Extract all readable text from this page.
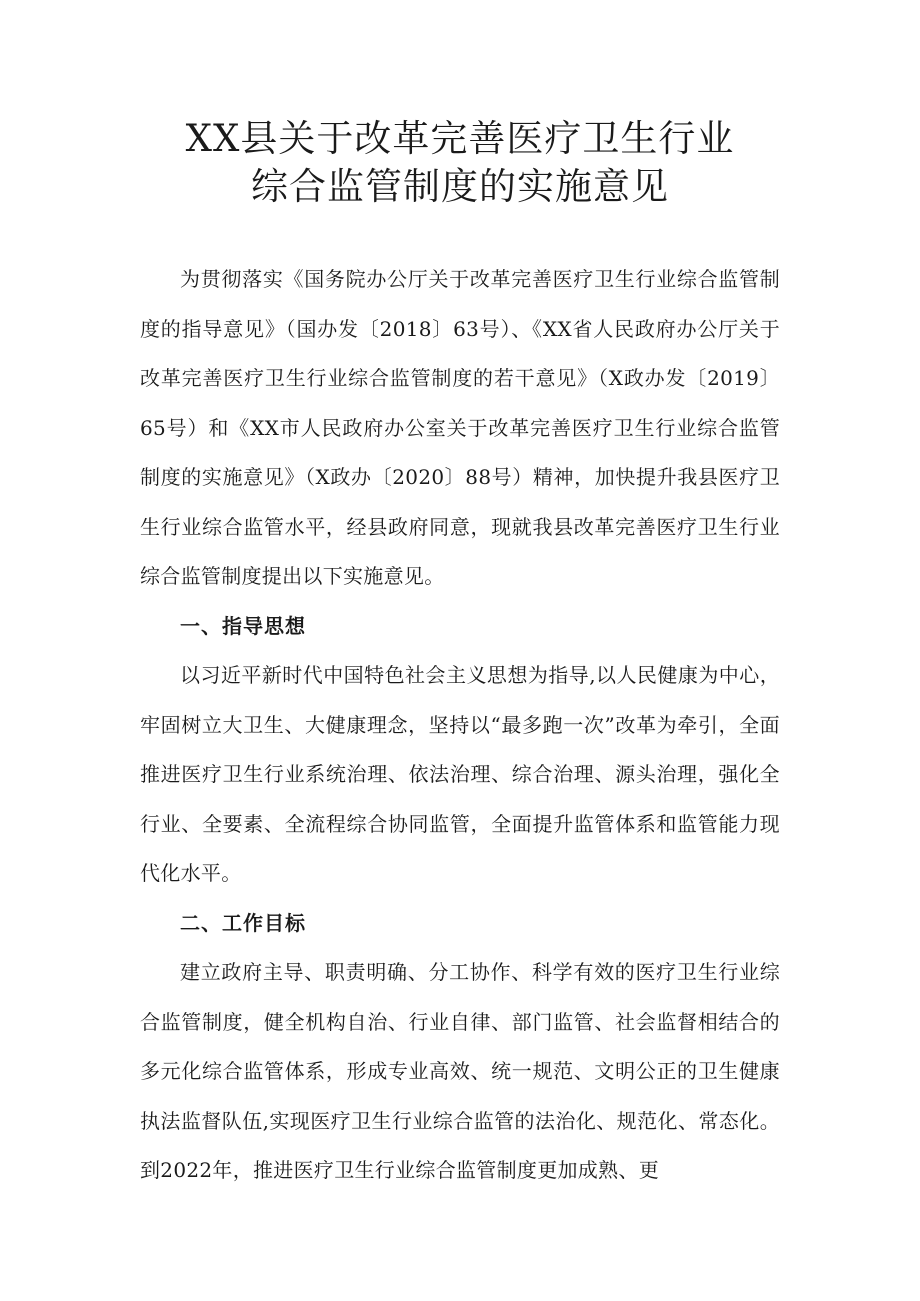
XX县关于改革完善医疗卫生行业
综合监管制度的实施意见

为贯彻落实《国务院办公厅关于改革完善医疗卫生行业综合监管制度的指导意见》（国办发〔2018〕63号）、《XX省人民政府办公厅关于改革完善医疗卫生行业综合监管制度的若干意见》（X政办发〔2019〕65号）和《XX市人民政府办公室关于改革完善医疗卫生行业综合监管制度的实施意见》（X政办〔2020〕88号）精神，加快提升我县医疗卫生行业综合监管水平，经县政府同意，现就我县改革完善医疗卫生行业综合监管制度提出以下实施意见。

一、指导思想

以习近平新时代中国特色社会主义思想为指导,以人民健康为中心，牢固树立大卫生、大健康理念，坚持以“最多跑一次”改革为牵引，全面推进医疗卫生行业系统治理、依法治理、综合治理、源头治理，强化全行业、全要素、全流程综合协同监管，全面提升监管体系和监管能力现代化水平。

二、工作目标

建立政府主导、职责明确、分工协作、科学有效的医疗卫生行业综合监管制度，健全机构自治、行业自律、部门监管、社会监督相结合的多元化综合监管体系，形成专业高效、统一规范、文明公正的卫生健康执法监督队伍,实现医疗卫生行业综合监管的法治化、规范化、常态化。到2022年，推进医疗卫生行业综合监管制度更加成熟、更
